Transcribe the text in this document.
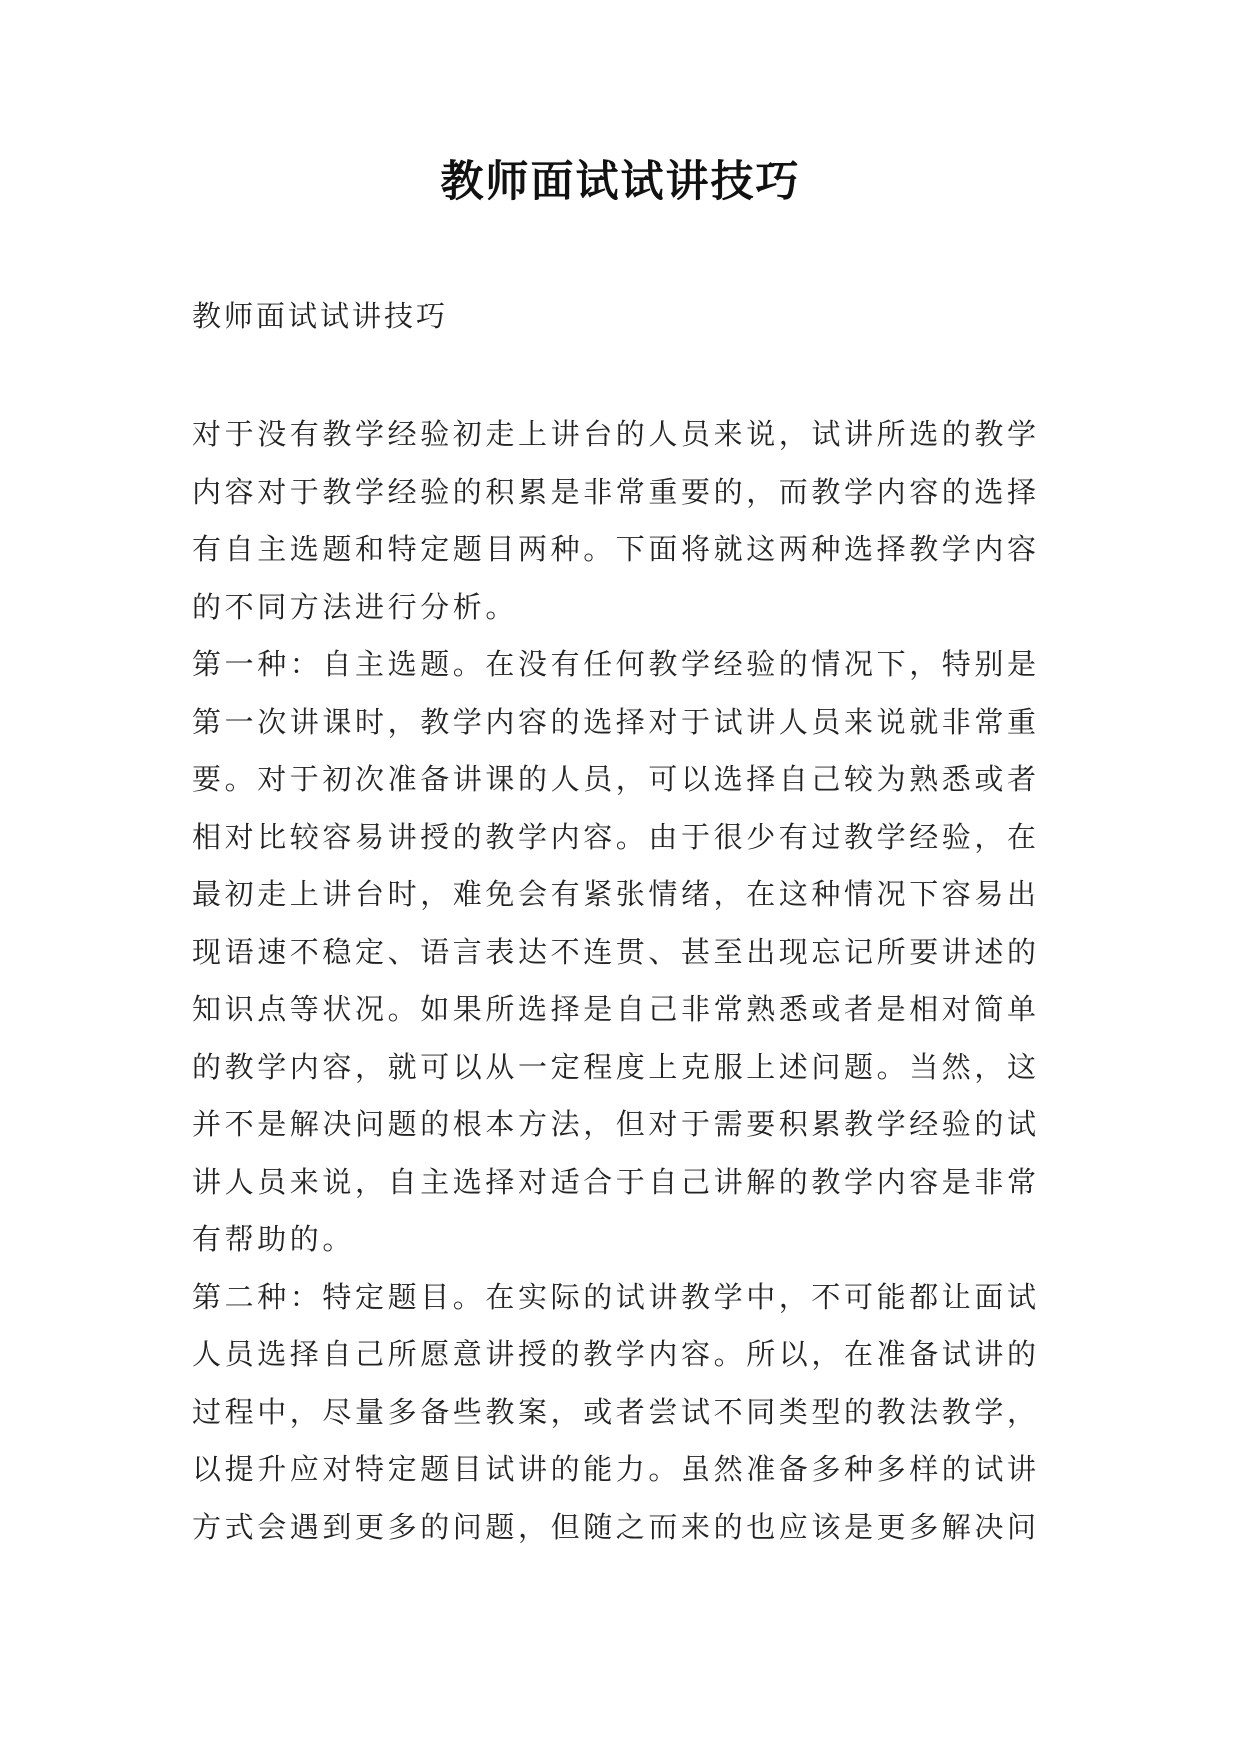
教师面试试讲技巧
教师面试试讲技巧
对于没有教学经验初走上讲台的人员来说，试讲所选的教学
内容对于教学经验的积累是非常重要的，而教学内容的选择
有自主选题和特定题目两种。下面将就这两种选择教学内容
的不同方法进行分析。
第一种：自主选题。在没有任何教学经验的情况下，特别是
第一次讲课时，教学内容的选择对于试讲人员来说就非常重
要。对于初次准备讲课的人员，可以选择自己较为熟悉或者
相对比较容易讲授的教学内容。由于很少有过教学经验，在
最初走上讲台时，难免会有紧张情绪，在这种情况下容易出
现语速不稳定、语言表达不连贯、甚至出现忘记所要讲述的
知识点等状况。如果所选择是自己非常熟悉或者是相对简单
的教学内容，就可以从一定程度上克服上述问题。当然，这
并不是解决问题的根本方法，但对于需要积累教学经验的试
讲人员来说，自主选择对适合于自己讲解的教学内容是非常
有帮助的。
第二种：特定题目。在实际的试讲教学中，不可能都让面试
人员选择自己所愿意讲授的教学内容。所以，在准备试讲的
过程中，尽量多备些教案，或者尝试不同类型的教法教学，
以提升应对特定题目试讲的能力。虽然准备多种多样的试讲
方式会遇到更多的问题，但随之而来的也应该是更多解决问
